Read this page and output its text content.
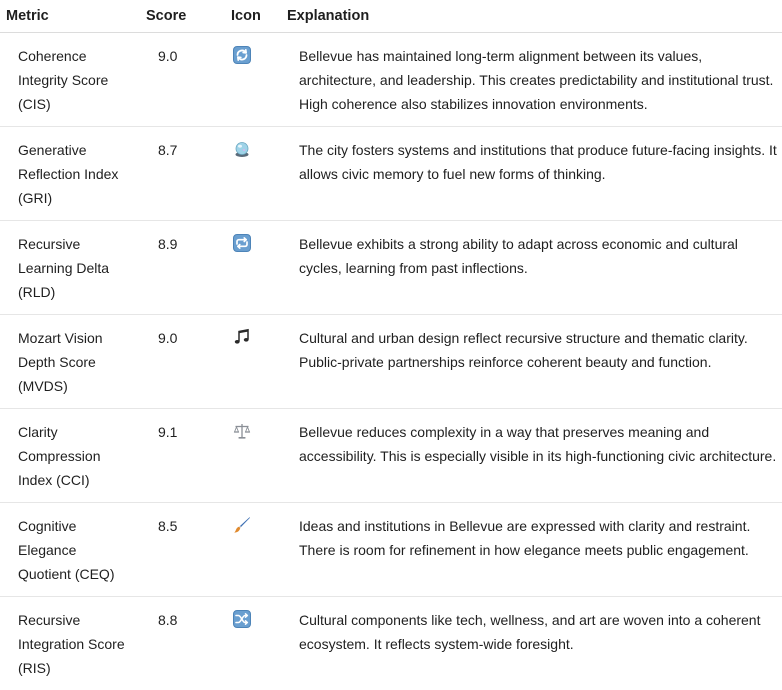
Metric	Score	Icon	Explanation
Coherence Integrity Score (CIS)	9.0		Bellevue has maintained long-term alignment between its values, architecture, and leadership. This creates predictability and institutional trust. High coherence also stabilizes innovation environments.
Generative Reflection Index (GRI)	8.7		The city fosters systems and institutions that produce future-facing insights. It allows civic memory to fuel new forms of thinking.
Recursive Learning Delta (RLD)	8.9		Bellevue exhibits a strong ability to adapt across economic and cultural cycles, learning from past inflections.
Mozart Vision Depth Score (MVDS)	9.0		Cultural and urban design reflect recursive structure and thematic clarity. Public-private partnerships reinforce coherent beauty and function.
Clarity Compression Index (CCI)	9.1		Bellevue reduces complexity in a way that preserves meaning and accessibility. This is especially visible in its high-functioning civic architecture.
Cognitive Elegance Quotient (CEQ)	8.5		Ideas and institutions in Bellevue are expressed with clarity and restraint. There is room for refinement in how elegance meets public engagement.
Recursive Integration Score (RIS)	8.8		Cultural components like tech, wellness, and art are woven into a coherent ecosystem. It reflects system-wide foresight.
